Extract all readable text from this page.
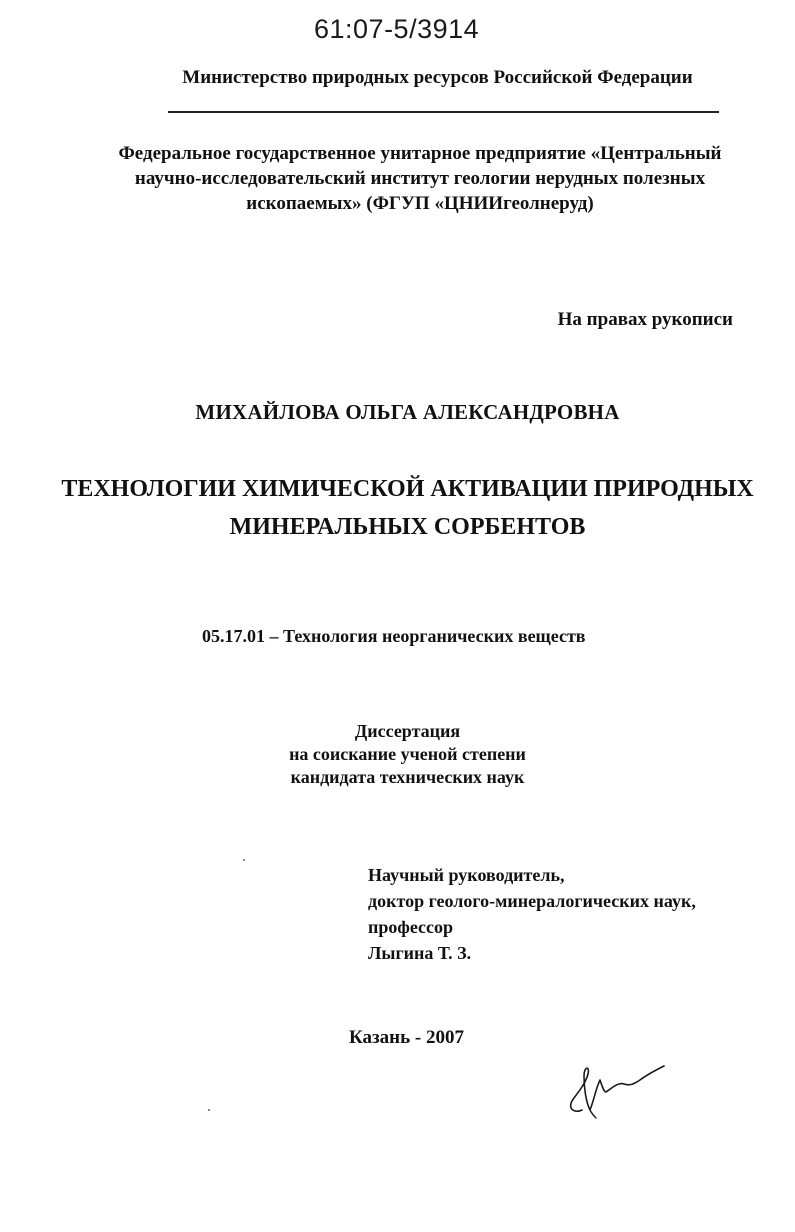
61:07-5/3914
Министерство природных ресурсов Российской Федерации
Федеральное государственное унитарное предприятие «Центральный
научно-исследовательский институт геологии нерудных полезных
ископаемых» (ФГУП «ЦНИИгеолнеруд)
На правах рукописи
МИХАЙЛОВА ОЛЬГА АЛЕКСАНДРОВНА
ТЕХНОЛОГИИ ХИМИЧЕСКОЙ АКТИВАЦИИ ПРИРОДНЫХ
МИНЕРАЛЬНЫХ СОРБЕНТОВ
05.17.01 – Технология неорганических веществ
Диссертация
на соискание ученой степени
кандидата технических наук
Научный руководитель,
доктор геолого-минералогических наук,
профессор
Лыгина Т. З.
Казань - 2007
